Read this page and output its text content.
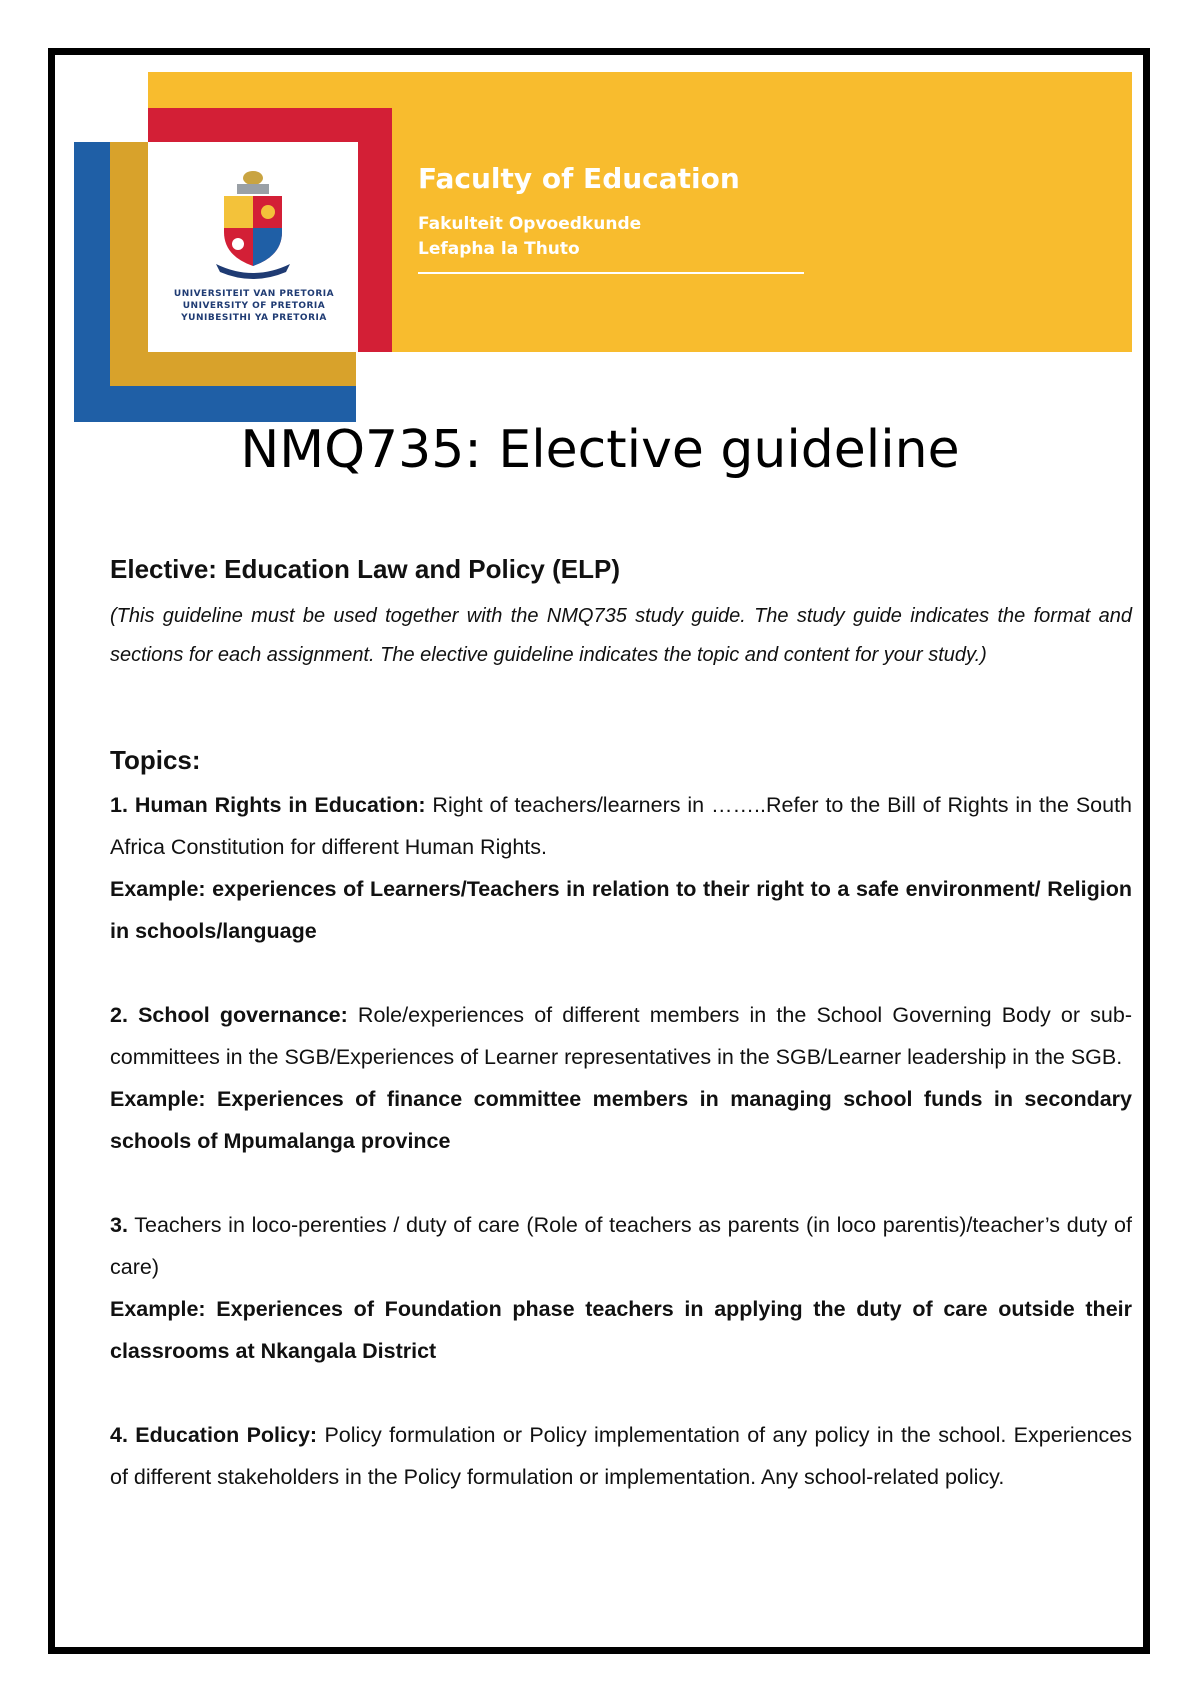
UNIVERSITEIT VAN PRETORIA
UNIVERSITY OF PRETORIA
YUNIBESITHI YA PRETORIA
Faculty of Education
Fakulteit Opvoedkunde
Lefapha la Thuto
NMQ735: Elective guideline
Elective: Education Law and Policy (ELP)

(This guideline must be used together with the NMQ735 study guide. The study guide indicates the format and sections for each assignment. The elective guideline indicates the topic and content for your study.)

Topics:

1. Human Rights in Education: Right of teachers/learners in ……..Refer to the Bill of Rights in the South Africa Constitution for different Human Rights.

Example: experiences of Learners/Teachers in relation to their right to a safe environment/ Religion in schools/language

2. School governance: Role/experiences of different members in the School Governing Body or sub-committees in the SGB/Experiences of Learner representatives in the SGB/Learner leadership in the SGB.

Example: Experiences of finance committee members in managing school funds in secondary schools of Mpumalanga province

3. Teachers in loco-perenties / duty of care (Role of teachers as parents (in loco parentis)/teacher’s duty of care)

Example: Experiences of Foundation phase teachers in applying the duty of care outside their classrooms at Nkangala District

4. Education Policy: Policy formulation or Policy implementation of any policy in the school. Experiences of different stakeholders in the Policy formulation or implementation. Any school-related policy.
